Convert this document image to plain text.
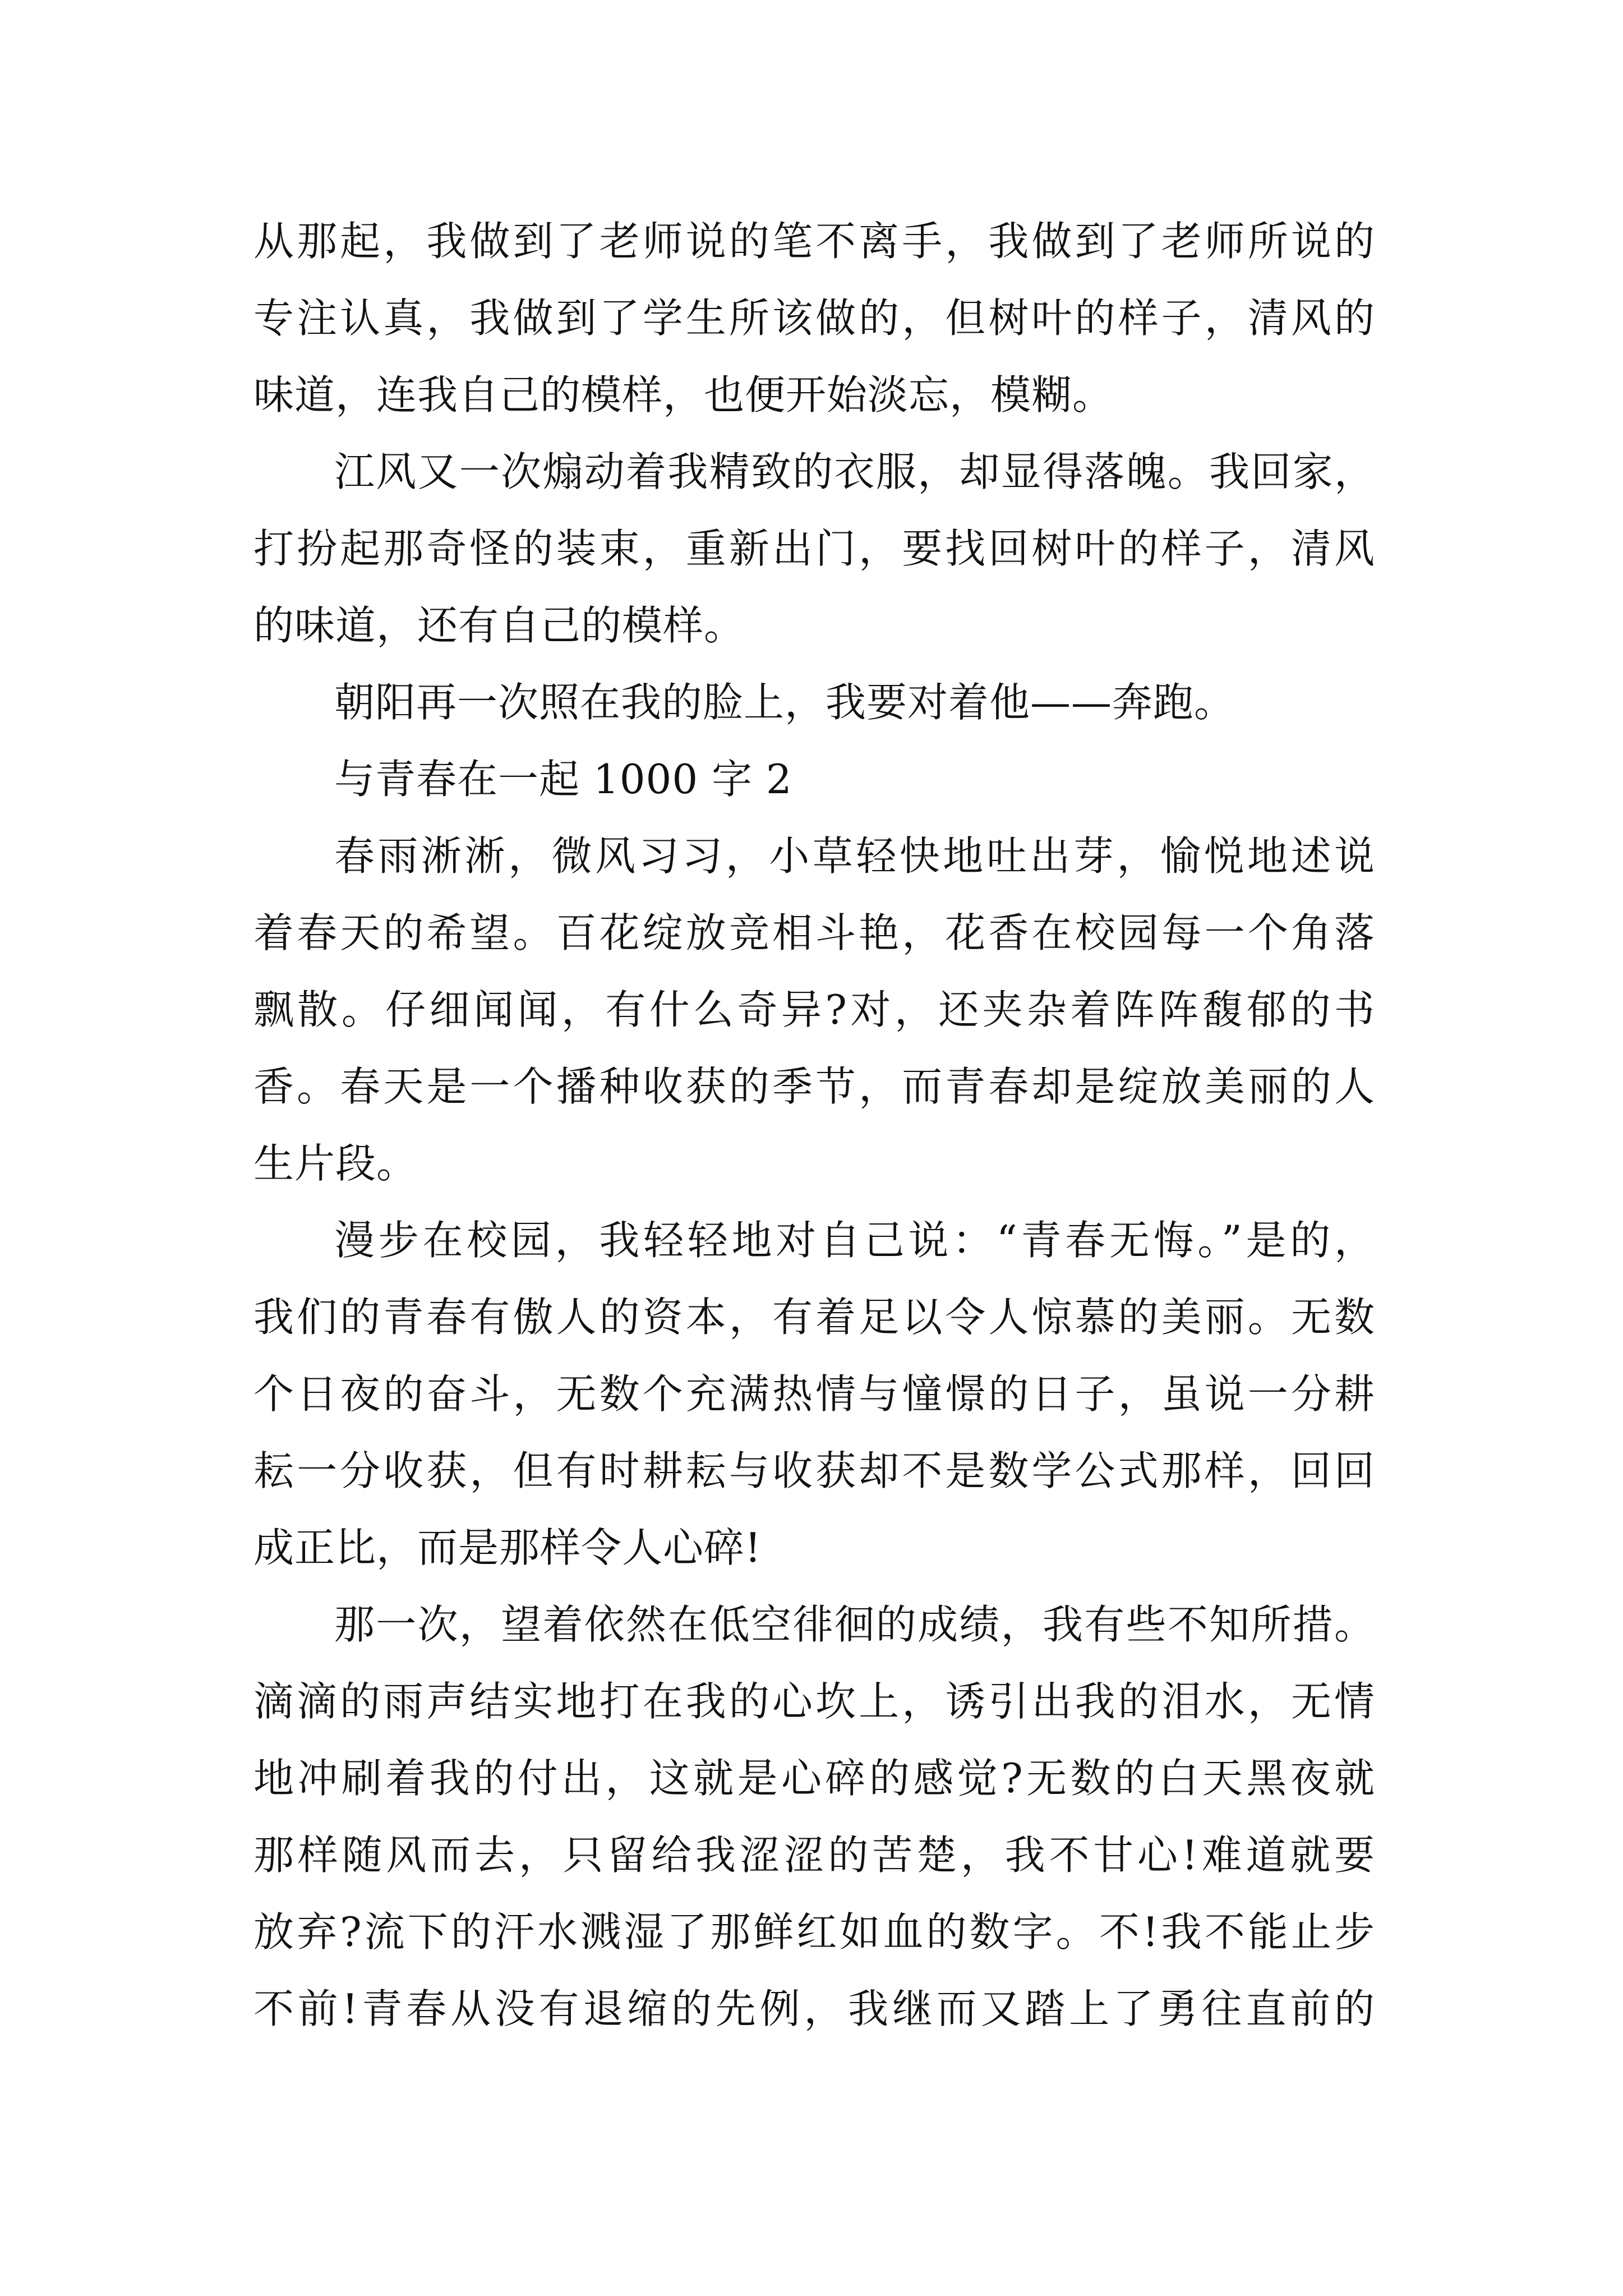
从那起，我做到了老师说的笔不离手，我做到了老师所说的
专注认真，我做到了学生所该做的，但树叶的样子，清风的
味道，连我自己的模样，也便开始淡忘，模糊。
江风又一次煽动着我精致的衣服，却显得落魄。我回家，
打扮起那奇怪的装束，重新出门，要找回树叶的样子，清风
的味道，还有自己的模样。
朝阳再一次照在我的脸上，我要对着他——奔跑。
与青春在一起 1000 字 2
春雨淅淅，微风习习，小草轻快地吐出芽，愉悦地述说
着春天的希望。百花绽放竞相斗艳，花香在校园每一个角落
飘散。仔细闻闻，有什么奇异?对，还夹杂着阵阵馥郁的书
香。春天是一个播种收获的季节，而青春却是绽放美丽的人
生片段。
漫步在校园，我轻轻地对自己说：“青春无悔。”是的，
我们的青春有傲人的资本，有着足以令人惊慕的美丽。无数
个日夜的奋斗，无数个充满热情与憧憬的日子，虽说一分耕
耘一分收获，但有时耕耘与收获却不是数学公式那样，回回
成正比，而是那样令人心碎!
那一次，望着依然在低空徘徊的成绩，我有些不知所措。
滴滴的雨声结实地打在我的心坎上，诱引出我的泪水，无情
地冲刷着我的付出，这就是心碎的感觉?无数的白天黑夜就
那样随风而去，只留给我涩涩的苦楚，我不甘心!难道就要
放弃?流下的汗水溅湿了那鲜红如血的数字。不!我不能止步
不前!青春从没有退缩的先例，我继而又踏上了勇往直前的
